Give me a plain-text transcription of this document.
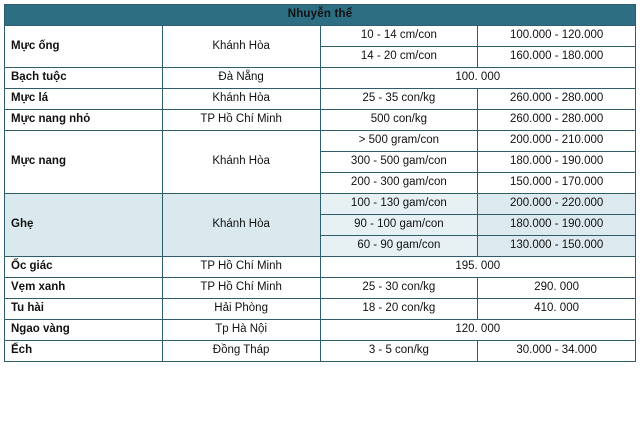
Nhuyễn thể			
Mực ống	Khánh Hòa	10 - 14 cm/con	100.000 - 120.000
		14 - 20 cm/con	160.000 - 180.000
Bạch tuộc	Đà Nẵng	100. 000	
Mực lá	Khánh Hòa	25 - 35 con/kg	260.000 - 280.000
Mực nang nhỏ	TP Hồ Chí Minh	500 con/kg	260.000 - 280.000
Mực nang	Khánh Hòa	> 500 gram/con	200.000 - 210.000
		300 - 500 gam/con	180.000 - 190.000
		200 - 300 gam/con	150.000 - 170.000
Ghẹ	Khánh Hòa	100 - 130 gam/con	200.000 - 220.000
		90 - 100 gam/con	180.000 - 190.000
		60 - 90 gam/con	130.000 - 150.000
Ốc giác	TP Hồ Chí Minh	195. 000	
Vẹm xanh	TP Hồ Chí Minh	25 - 30 con/kg	290. 000
Tu hài	Hải Phòng	18 - 20 con/kg	410. 000
Ngao vàng	Tp Hà Nội	120. 000	
Ếch	Đồng Tháp	3 - 5 con/kg	30.000 - 34.000
